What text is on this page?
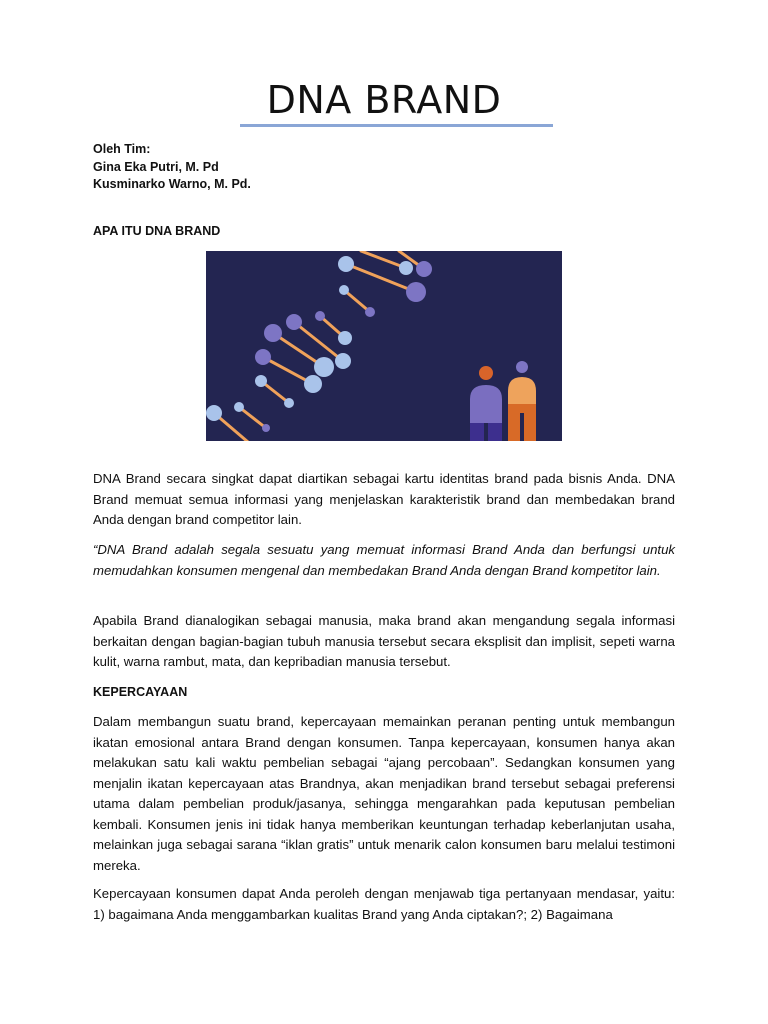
DNA BRAND
Oleh Tim:
Gina Eka Putri, M. Pd
Kusminarko Warno, M. Pd.
APA ITU DNA BRAND
DNA Brand secara singkat dapat diartikan sebagai kartu identitas brand pada bisnis Anda. DNA Brand memuat semua informasi yang menjelaskan karakteristik brand dan membedakan brand Anda dengan brand competitor lain.
“DNA Brand adalah segala sesuatu yang memuat informasi Brand Anda dan berfungsi untuk memudahkan konsumen mengenal dan membedakan Brand Anda dengan Brand kompetitor lain.
Apabila Brand dianalogikan sebagai manusia, maka brand akan mengandung segala informasi berkaitan dengan bagian-bagian tubuh manusia tersebut secara eksplisit dan implisit, sepeti warna kulit, warna rambut, mata, dan kepribadian manusia tersebut.
KEPERCAYAAN
Dalam membangun suatu brand, kepercayaan memainkan peranan penting untuk membangun ikatan emosional antara Brand dengan konsumen. Tanpa kepercayaan, konsumen hanya akan melakukan satu kali waktu pembelian sebagai “ajang percobaan”. Sedangkan konsumen yang menjalin ikatan kepercayaan atas Brandnya, akan menjadikan brand tersebut sebagai preferensi utama dalam pembelian produk/jasanya, sehingga mengarahkan pada keputusan pembelian kembali. Konsumen jenis ini tidak hanya memberikan keuntungan terhadap keberlanjutan usaha, melainkan juga sebagai sarana “iklan gratis” untuk menarik calon konsumen baru melalui testimoni mereka.
Kepercayaan konsumen dapat Anda peroleh dengan menjawab tiga pertanyaan mendasar, yaitu: 1) bagaimana Anda menggambarkan kualitas Brand yang Anda ciptakan?; 2) Bagaimana
